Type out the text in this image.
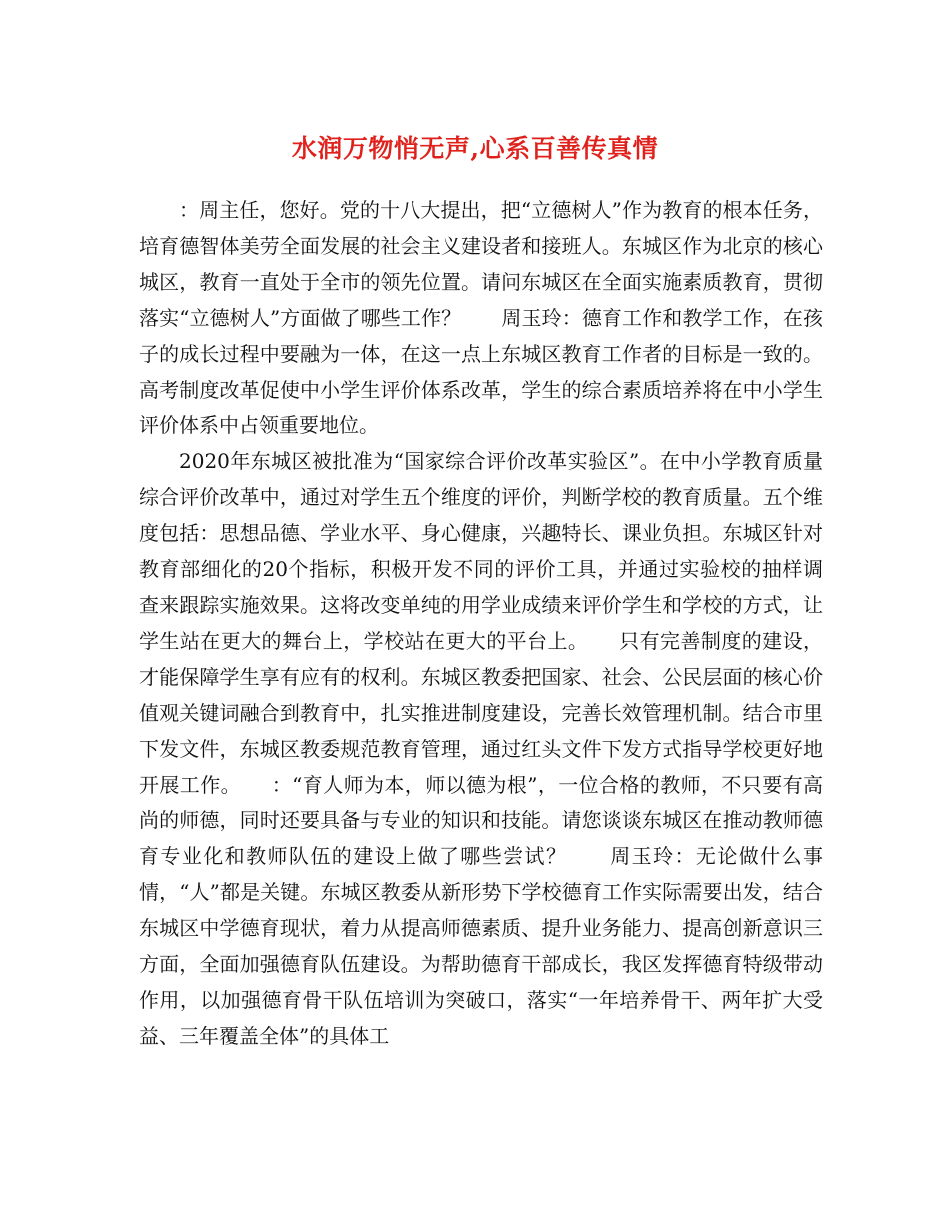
水润万物悄无声,心系百善传真情

：周主任，您好。党的十八大提出，把“立德树人”作为教育的根本任务，培育德智体美劳全面发展的社会主义建设者和接班人。东城区作为北京的核心城区，教育一直处于全市的领先位置。请问东城区在全面实施素质教育，贯彻落实“立德树人”方面做了哪些工作？　　周玉玲：德育工作和教学工作，在孩子的成长过程中要融为一体，在这一点上东城区教育工作者的目标是一致的。高考制度改革促使中小学生评价体系改革，学生的综合素质培养将在中小学生评价体系中占领重要地位。

2020年东城区被批准为“国家综合评价改革实验区”。在中小学教育质量综合评价改革中，通过对学生五个维度的评价，判断学校的教育质量。五个维度包括：思想品德、学业水平、身心健康，兴趣特长、课业负担。东城区针对教育部细化的20个指标，积极开发不同的评价工具，并通过实验校的抽样调查来跟踪实施效果。这将改变单纯的用学业成绩来评价学生和学校的方式，让学生站在更大的舞台上，学校站在更大的平台上。　　只有完善制度的建设，才能保障学生享有应有的权利。东城区教委把国家、社会、公民层面的核心价值观关键词融合到教育中，扎实推进制度建设，完善长效管理机制。结合市里下发文件，东城区教委规范教育管理，通过红头文件下发方式指导学校更好地开展工作。　　：“育人师为本，师以德为根”，一位合格的教师，不只要有高尚的师德，同时还要具备与专业的知识和技能。请您谈谈东城区在推动教师德育专业化和教师队伍的建设上做了哪些尝试？　　周玉玲：无论做什么事情，“人”都是关键。东城区教委从新形势下学校德育工作实际需要出发，结合东城区中学德育现状，着力从提高师德素质、提升业务能力、提高创新意识三方面，全面加强德育队伍建设。为帮助德育干部成长，我区发挥德育特级带动作用，以加强德育骨干队伍培训为突破口，落实“一年培养骨干、两年扩大受益、三年覆盖全体”的具体工
